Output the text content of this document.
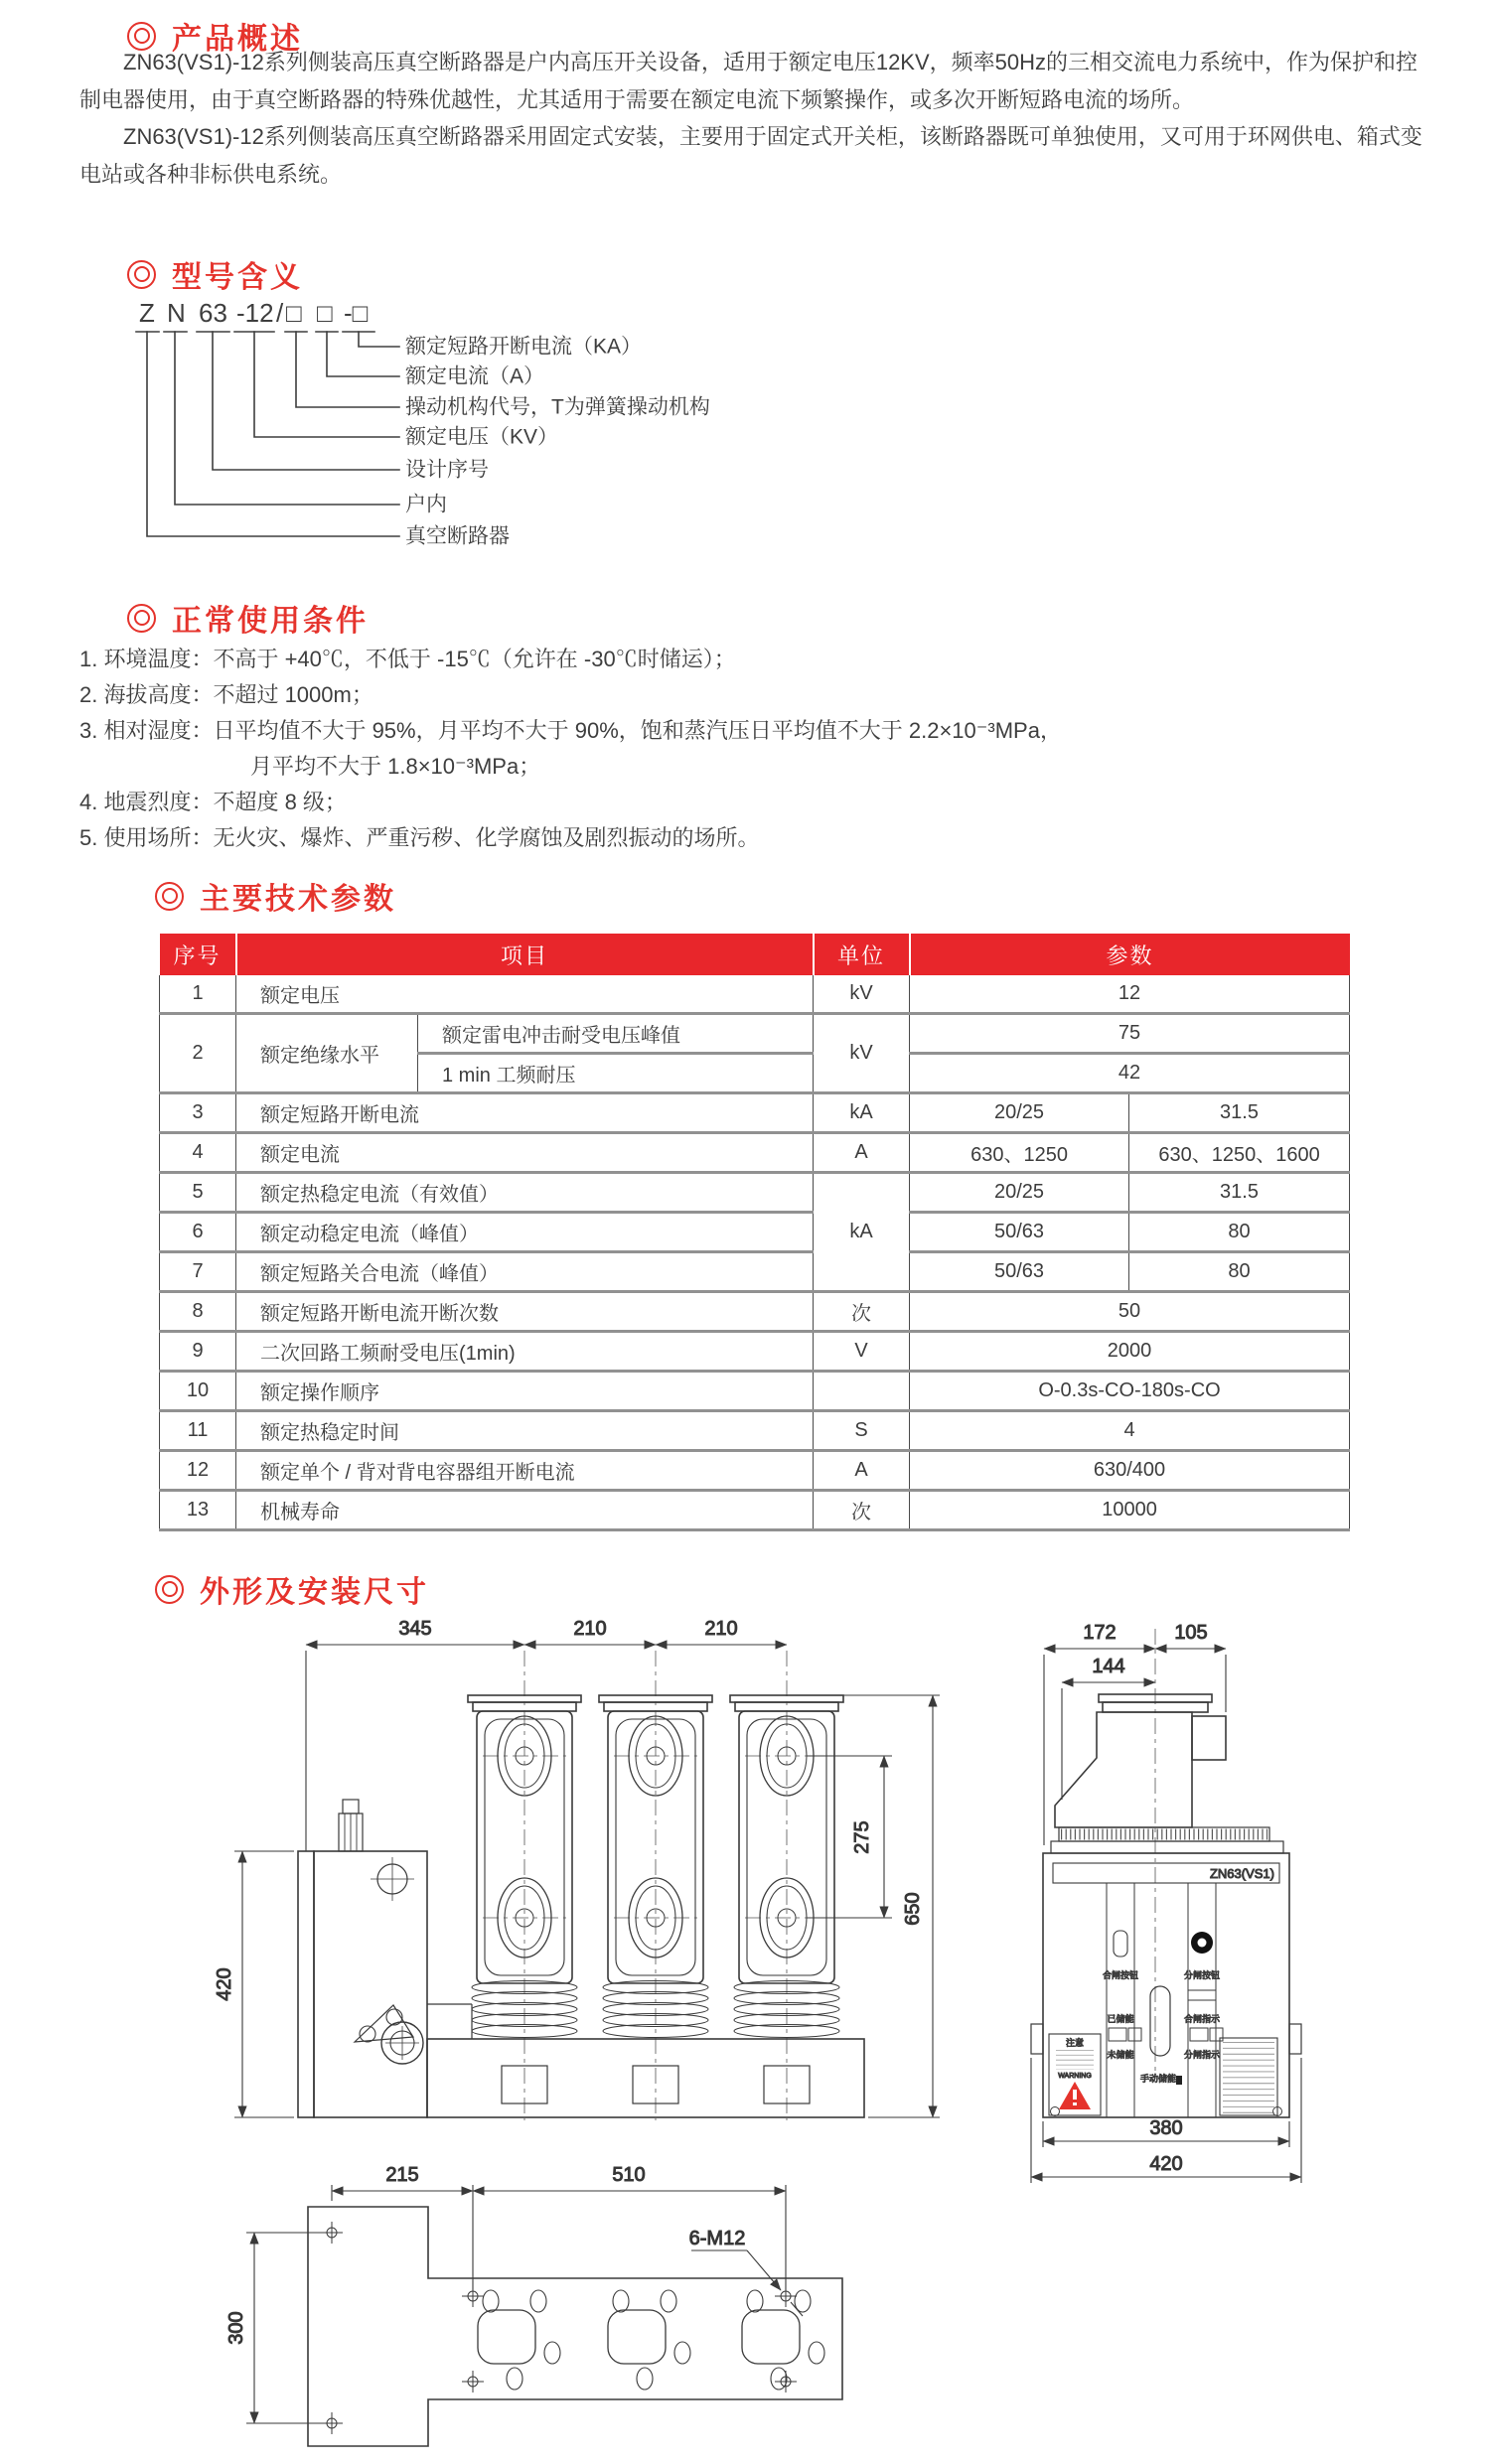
产品概述

ZN63(VS1)-12系列侧装高压真空断路器是户内高压开关设备，适用于额定电压12KV，频率50Hz的三相交流电力系统中，作为保护和控制电器使用，由于真空断路器的特殊优越性，尤其适用于需要在额定电流下频繁操作，或多次开断短路电流的场所。

ZN63(VS1)-12系列侧装高压真空断路器采用固定式安装，主要用于固定式开关柜，该断路器既可单独使用，又可用于环网供电、箱式变电站或各种非标供电系统。

型号含义
正常使用条件
1. 环境温度：不高于 +40℃，不低于 -15℃（允许在 -30℃时储运）；
2. 海拔高度：不超过 1000m；
3. 相对湿度：日平均值不大于 95%，月平均不大于 90%，饱和蒸汽压日平均值不大于 2.2×10⁻³MPa，
月平均不大于 1.8×10⁻³MPa；
4. 地震烈度：不超度 8 级；
5. 使用场所：无火灾、爆炸、严重污秽、化学腐蚀及剧烈振动的场所。
主要技术参数
序号	项目		单位	参数	
1	额定电压		kV	12	
2	额定绝缘水平	额定雷电冲击耐受电压峰值	kV	75	
		1 min 工频耐压		42	
3	额定短路开断电流		kA	20/25	31.5
4	额定电流		A	630、1250	630、1250、1600
5	额定热稳定电流（有效值）		kA	20/25	31.5
6	额定动稳定电流（峰值）			50/63	80
7	额定短路关合电流（峰值）			50/63	80
8	额定短路开断电流开断次数		次	50	
9	二次回路工频耐受电压(1min)		V	2000	
10	额定操作顺序			O-0.3s-CO-180s-CO	
11	额定热稳定时间		S	4	
12	额定单个 / 背对背电容器组开断电流		A	630/400	
13	机械寿命		次	10000	
外形及安装尺寸
Z N 63 -12 / □ □ -□
额定短路开断电流（KA）
额定电流（A）
操动机构代号，T为弹簧操动机构
额定电压（KV）
设计序号
户内
真空断路器
345	210	210
420
275
650
172	105
144
ZN63(VS1)
合闸按钮	分闸按钮
已储能
未储能
合闸指示
分闸指示
手动储能
注意
WARNING
380
420
215	510
300
6-M12
